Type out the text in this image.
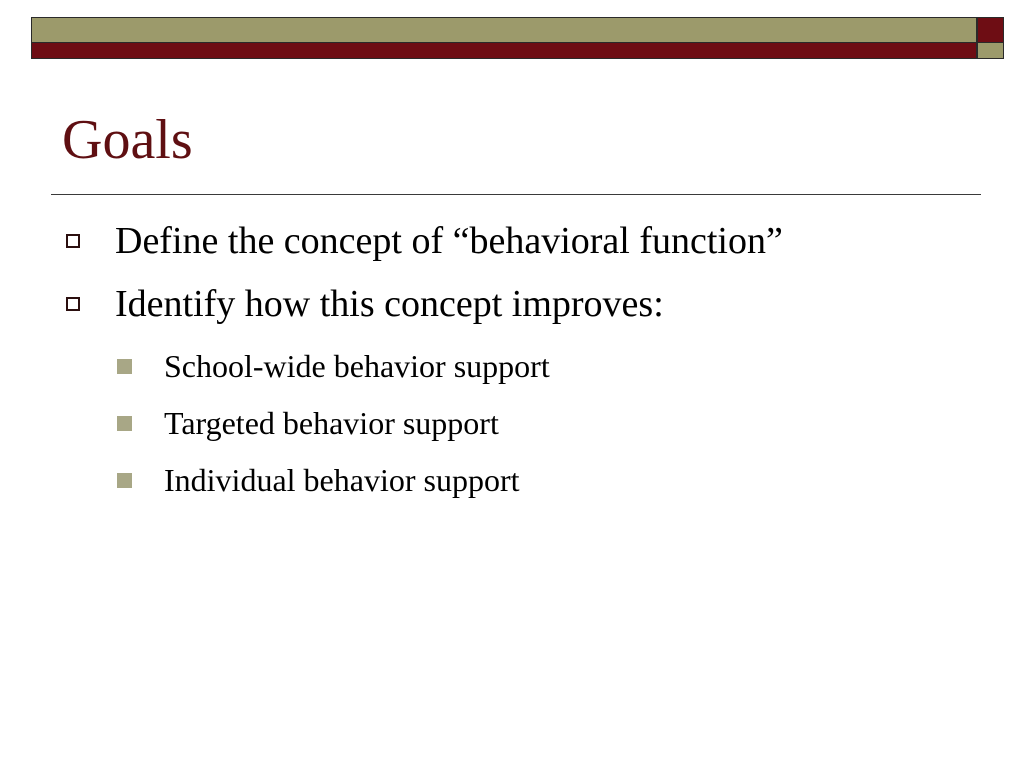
Goals
Define the concept of “behavioral function”
Identify how this concept improves:
School-wide behavior support
Targeted behavior support
Individual behavior support
